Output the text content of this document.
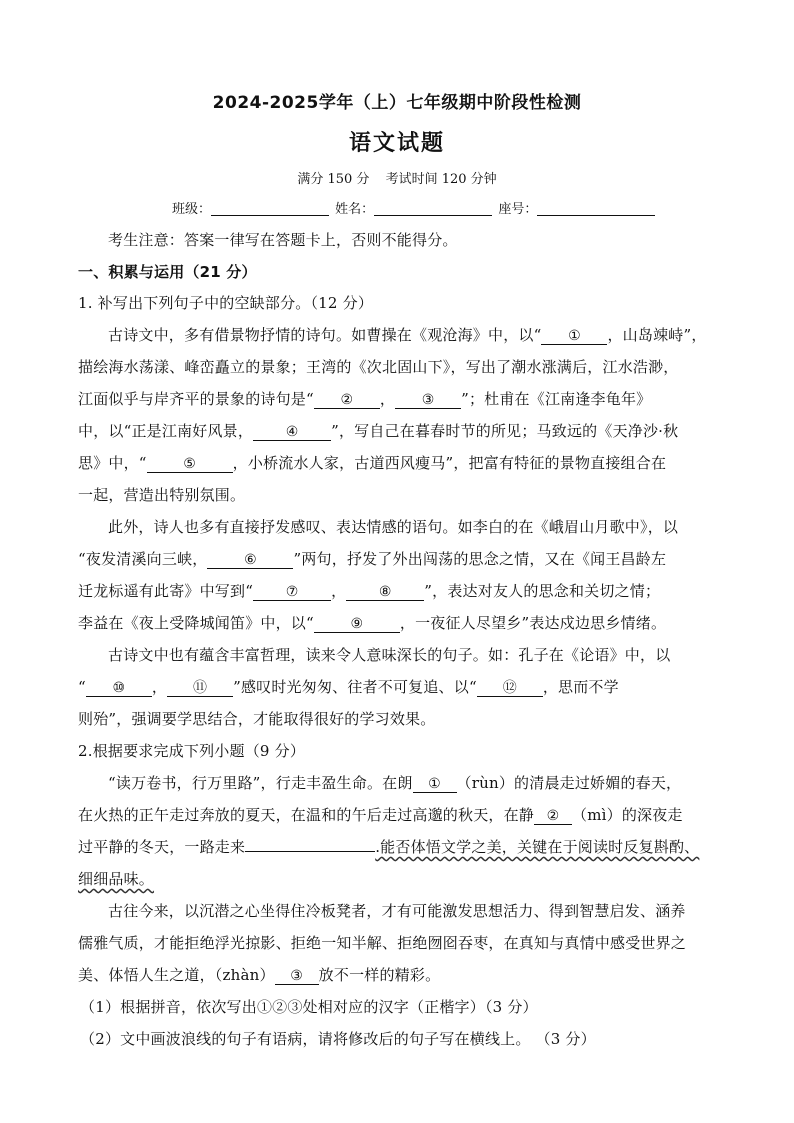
2024-2025学年（上）七年级期中阶段性检测
语文试题
满分 150 分 考试时间 120 分钟
班级：	姓名：	座号：
考生注意：答案一律写在答题卡上，否则不能得分。
一、积累与运用（21 分）
1. 补写出下列句子中的空缺部分。（12 分）
古诗文中，多有借景物抒情的诗句。如曹操在《观沧海》中，以“ ① ，山岛竦峙”，
描绘海水荡漾、峰峦矗立的景象；王湾的《次北固山下》，写出了潮水涨满后，江水浩渺，
江面似乎与岸齐平的景象的诗句是“ ② ， ③ ”；杜甫在《江南逢李龟年》
中，以“正是江南好风景， ④ ”，写自己在暮春时节的所见；马致远的《天净沙·秋
思》中，“	⑤ ，小桥流水人家，古道西风瘦马”，把富有特征的景物直接组合在
一起，营造出特别氛围。
此外，诗人也多有直接抒发感叹、表达情感的语句。如李白的在《峨眉山月歌中》，以
“夜发清溪向三峡，	⑥ ”两句，抒发了外出闯荡的思念之情，又在《闻王昌龄左
迁龙标遥有此寄》中写到“ ⑦ ， ⑧ ”，表达对友人的思念和关切之情；
李益在《夜上受降城闻笛》中，以“	⑨ ，一夜征人尽望乡”表达戍边思乡情绪。
古诗文中也有蕴含丰富哲理，读来令人意味深长的句子。如：孔子在《论语》中，以
“ ⑩ ， ⑪ ”感叹时光匆匆、往者不可复追、以“ ⑫ ，思而不学
则殆”，强调要学思结合，才能取得很好的学习效果。
2.根据要求完成下列小题（9 分）
“读万卷书，行万里路”，行走丰盈生命。在朗 ① （rùn）的清晨走过娇媚的春天，
在火热的正午走过奔放的夏天，在温和的午后走过高邈的秋天，在静 ② （mì）的深夜走
过平静的冬天，一路走来	.能否体悟文学之美，关键在于阅读时反复斟酌、
细细品味。
古往今来，以沉潜之心坐得住冷板凳者，才有可能激发思想活力、得到智慧启发、涵养
儒雅气质，才能拒绝浮光掠影、拒绝一知半解、拒绝囫囵吞枣，在真知与真情中感受世界之
美、体悟人生之道，（zhàn） ③ 放不一样的精彩。
（1）根据拼音，依次写出①②③处相对应的汉字（正楷字）（3 分）
（2）文中画波浪线的句子有语病，请将修改后的句子写在横线上。 （3 分）
